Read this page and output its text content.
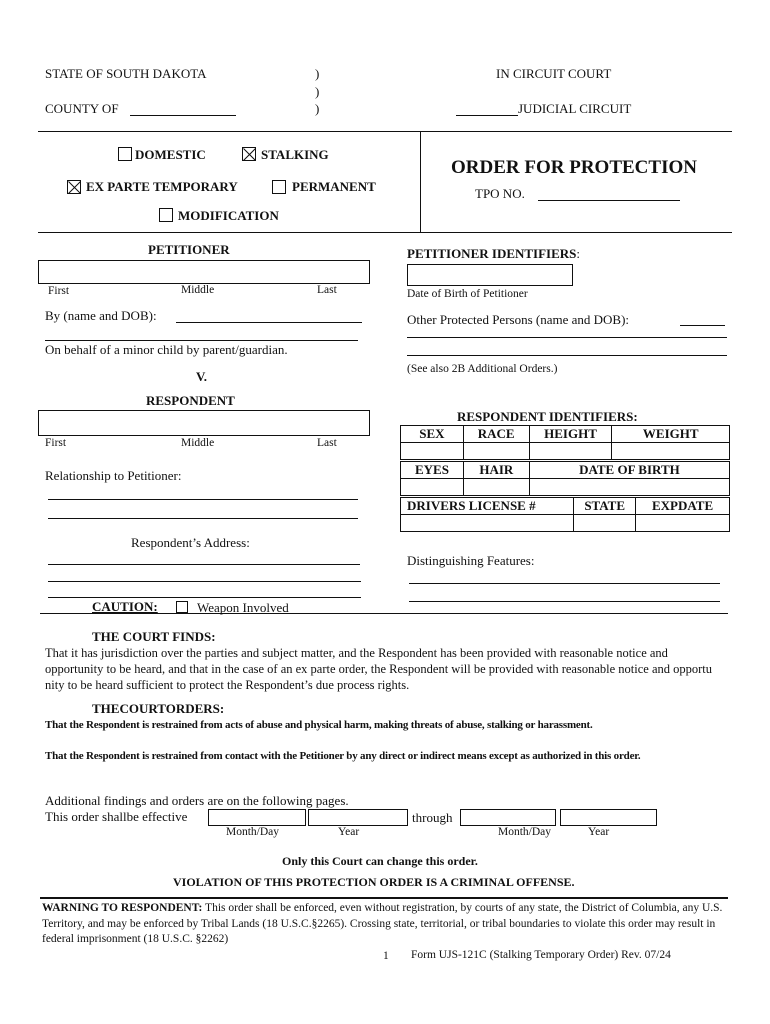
STATE OF SOUTH DAKOTA	)
)
)
IN CIRCUIT COURT
COUNTY OF	JUDICIAL CIRCUIT
DOMESTIC	STALKING
EX PARTE TEMPORARY	PERMANENT
MODIFICATION
ORDER FOR PROTECTION
TPO NO.
PETITIONER
First	Middle	Last
By (name and DOB):
On behalf of a minor child by parent/guardian.
V.
RESPONDENT
First	Middle	Last
Relationship to Petitioner:
Respondent’s Address:
PETITIONER IDENTIFIERS:
Date of Birth of Petitioner
Other Protected Persons (name and DOB):
(See also 2B Additional Orders.)
RESPONDENT IDENTIFIERS:
SEX	RACE	HEIGHT	WEIGHT

EYES	HAIR	DATE OF BIRTH

DRIVERS LICENSE #	STATE	EXPDATE

Distinguishing Features:
CAUTION:	Weapon Involved
THE COURT FINDS:
That it has jurisdiction over the parties and subject matter, and the Respondent has been provided with reasonable notice and opportunity to be heard, and that in the case of an ex parte order, the Respondent will be provided with reasonable notice and opportu nity to be heard sufficient to protect the Respondent’s due process rights.
THECOURTORDERS:
That the Respondent is restrained from acts of abuse and physical harm, making threats of abuse, stalking or harassment.
That the Respondent is restrained from contact with the Petitioner by any direct or indirect means except as authorized in this order.
Additional findings and orders are on the following pages.
This order shallbe effective	through
Month/Day	Year	Month/Day	Year
Only this Court can change this order.
VIOLATION OF THIS PROTECTION ORDER IS A CRIMINAL OFFENSE.
WARNING TO RESPONDENT: This order shall be enforced, even without registration, by courts of any state, the District of Columbia, any U.S. Territory, and may be enforced by Tribal Lands (18 U.S.C.§2265). Crossing state, territorial, or tribal boundaries to violate this order may result in federal imprisonment (18 U.S.C. §2262)
1 Form UJS-121C (Stalking Temporary Order) Rev. 07/24
